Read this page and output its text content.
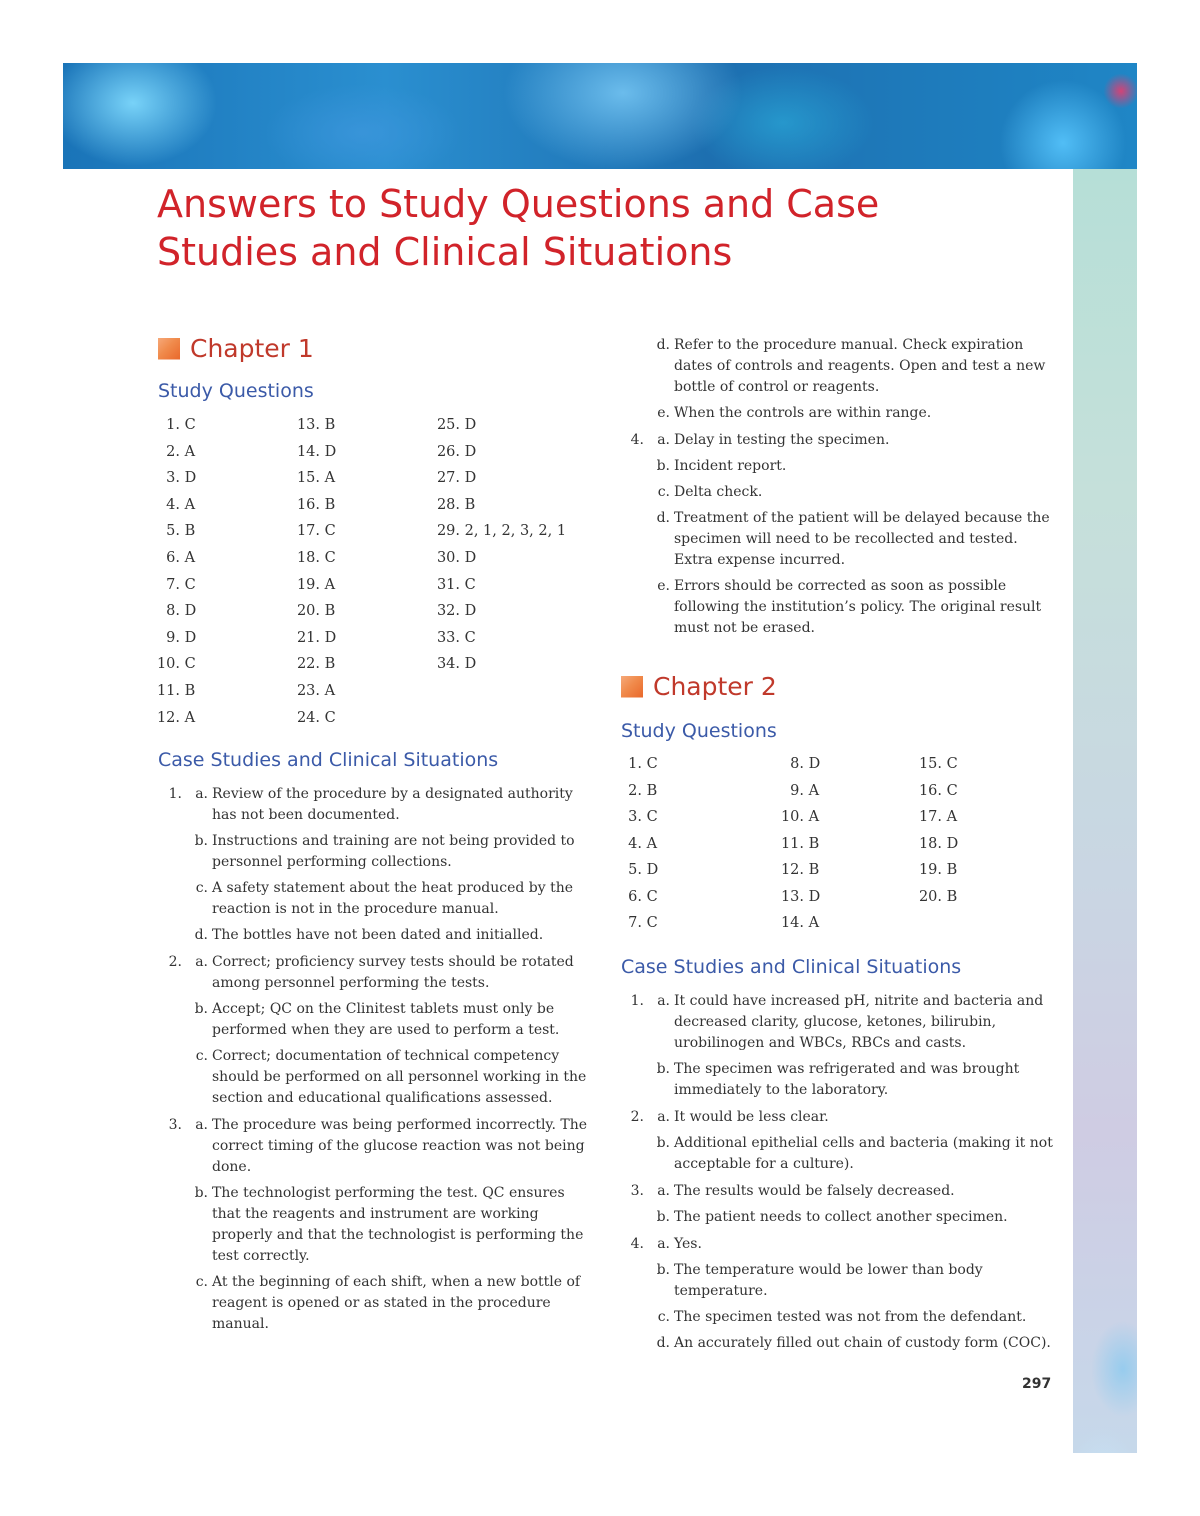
Answers to Study Questions and Case
Studies and Clinical Situations
Chapter 1
Study Questions
1. C
2. A
3. D
4. A
5. B
6. A
7. C
8. D
9. D
10. C
11. B
12. A
13. B
14. D
15. A
16. B
17. C
18. C
19. A
20. B
21. D
22. B
23. A
24. C
25. D
26. D
27. D
28. B
29. 2, 1, 2, 3, 2, 1
30. D
31. C
32. D
33. C
34. D
Case Studies and Clinical Situations
1. a. Review of the procedure by a designated authority has not been documented.
b. Instructions and training are not being provided to personnel performing collections.
c. A safety statement about the heat produced by the reaction is not in the procedure manual.
d. The bottles have not been dated and initialled.
2. a. Correct; proficiency survey tests should be rotated among personnel performing the tests.
b. Accept; QC on the Clinitest tablets must only be performed when they are used to perform a test.
c. Correct; documentation of technical competency should be performed on all personnel working in the section and educational qualifications assessed.
3. a. The procedure was being performed incorrectly. The correct timing of the glucose reaction was not being done.
b. The technologist performing the test. QC ensures that the reagents and instrument are working properly and that the technologist is performing the test correctly.
c. At the beginning of each shift, when a new bottle of reagent is opened or as stated in the procedure manual.
d. Refer to the procedure manual. Check expiration dates of controls and reagents. Open and test a new bottle of control or reagents.
e. When the controls are within range.
4. a. Delay in testing the specimen.
b. Incident report.
c. Delta check.
d. Treatment of the patient will be delayed because the specimen will need to be recollected and tested. Extra expense incurred.
e. Errors should be corrected as soon as possible following the institution’s policy. The original result must not be erased.
Chapter 2
Study Questions
1. C
2. B
3. C
4. A
5. D
6. C
7. C
8. D
9. A
10. A
11. B
12. B
13. D
14. A
15. C
16. C
17. A
18. D
19. B
20. B
Case Studies and Clinical Situations
1. a. It could have increased pH, nitrite and bacteria and decreased clarity, glucose, ketones, bilirubin, urobilinogen and WBCs, RBCs and casts.
b. The specimen was refrigerated and was brought immediately to the laboratory.
2. a. It would be less clear.
b. Additional epithelial cells and bacteria (making it not acceptable for a culture).
3. a. The results would be falsely decreased.
b. The patient needs to collect another specimen.
4. a. Yes.
b. The temperature would be lower than body temperature.
c. The specimen tested was not from the defendant.
d. An accurately filled out chain of custody form (COC).
297
